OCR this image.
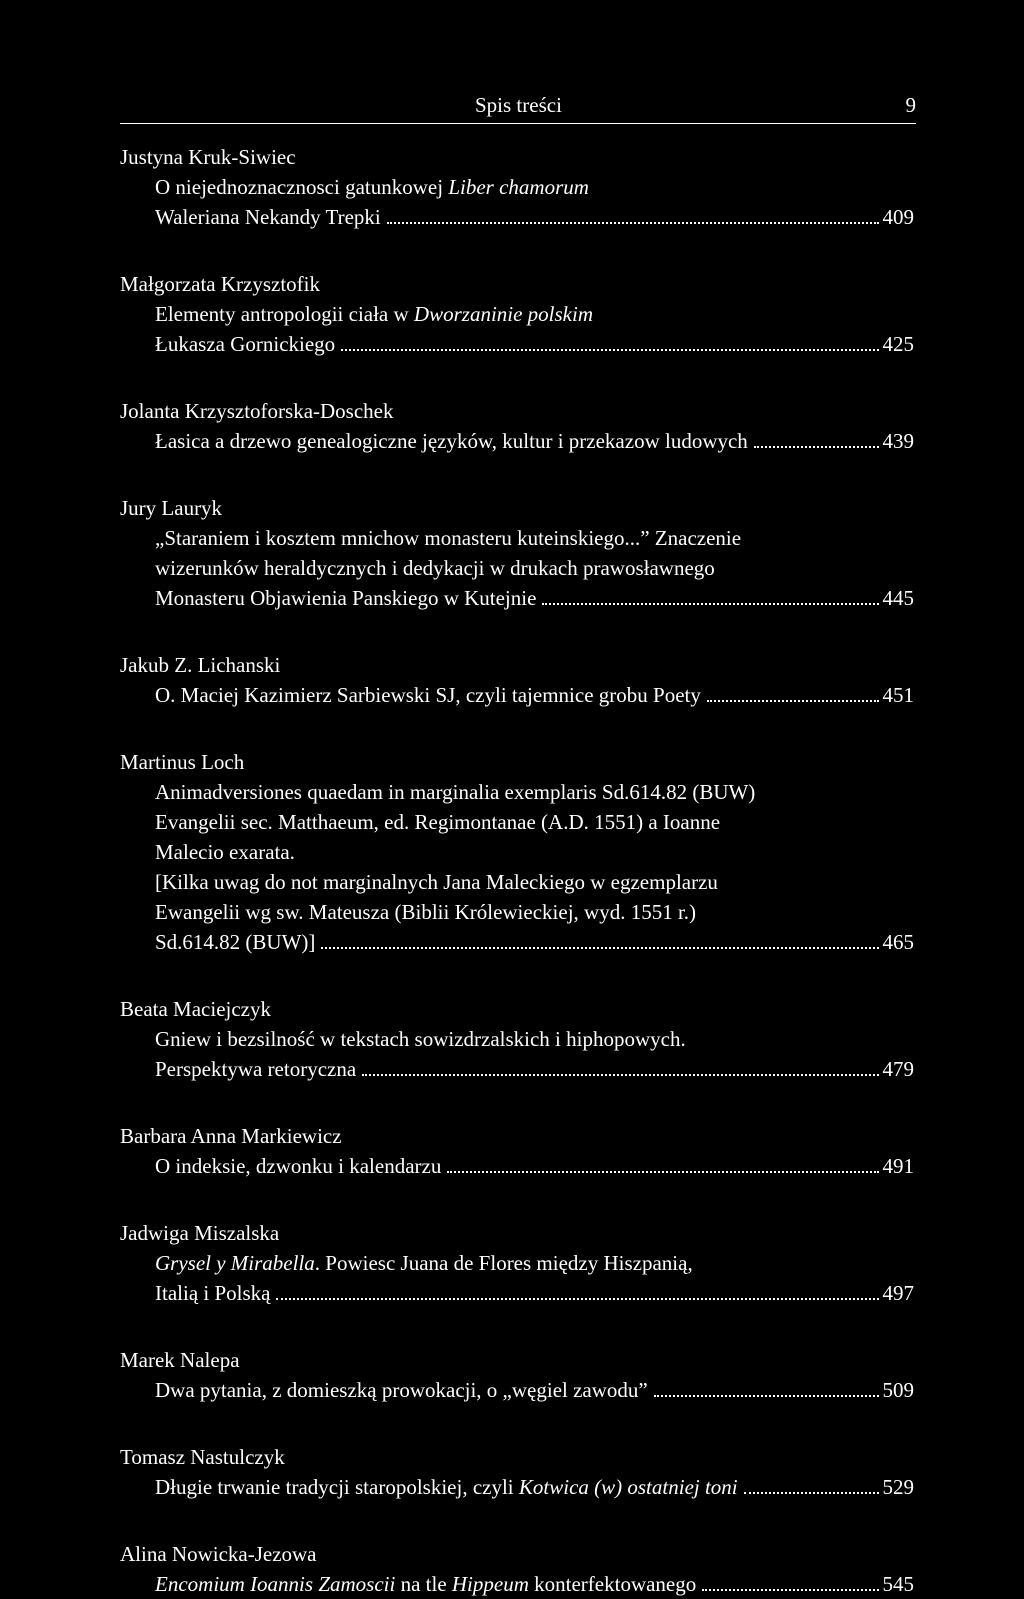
Spis treści	9
Justyna Kruk-Siwiec
O niejednoznacznosci gatunkowej Liber chamorum
Waleriana Nekandy Trepki	409
Małgorzata Krzysztofik
Elementy antropologii ciała w Dworzaninie polskim
Łukasza Gornickiego	425
Jolanta Krzysztoforska-Doschek
Łasica a drzewo genealogiczne języków, kultur i przekazow ludowych	439
Jury Lauryk
„Staraniem i kosztem mnichow monasteru kuteinskiego...” Znaczenie
wizerunków heraldycznych i dedykacji w drukach prawosławnego
Monasteru Objawienia Panskiego w Kutejnie	445
Jakub Z. Lichanski
O. Maciej Kazimierz Sarbiewski SJ, czyli tajemnice grobu Poety	451
Martinus Loch
Animadversiones quaedam in marginalia exemplaris Sd.614.82 (BUW)
Evangelii sec. Matthaeum, ed. Regimontanae (A.D. 1551) a Ioanne
Malecio exarata.
[Kilka uwag do not marginalnych Jana Maleckiego w egzemplarzu
Ewangelii wg sw. Mateusza (Biblii Królewieckiej, wyd. 1551 r.)
Sd.614.82 (BUW)]	465
Beata Maciejczyk
Gniew i bezsilność w tekstach sowizdrzalskich i hiphopowych.
Perspektywa retoryczna	479
Barbara Anna Markiewicz
O indeksie, dzwonku i kalendarzu	491
Jadwiga Miszalska
Grysel y Mirabella. Powiesc Juana de Flores między Hiszpanią,
Italią i Polską	497
Marek Nalepa
Dwa pytania, z domieszką prowokacji, o „węgiel zawodu”	509
Tomasz Nastulczyk
Długie trwanie tradycji staropolskiej, czyli Kotwica (w) ostatniej toni	529
Alina Nowicka-Jezowa
Encomium Ioannis Zamoscii na tle Hippeum konterfektowanego	545
